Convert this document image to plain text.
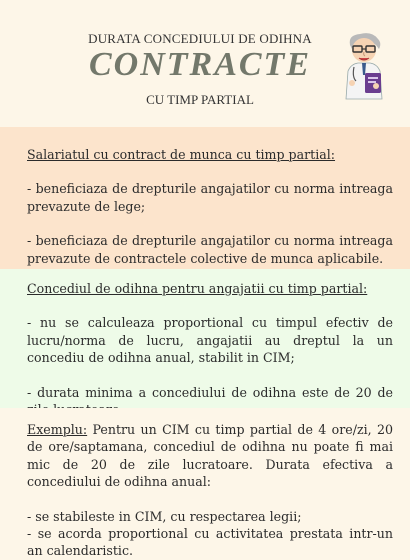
DURATA CONCEDIULUI DE ODIHNA
CONTRACTE
CU TIMP PARTIAL

Salariatul cu contract de munca cu timp partial:

- beneficiaza de drepturile angajatilor cu norma intreaga prevazute de lege;

- beneficiaza de drepturile angajatilor cu norma intreaga prevazute de contractele colective de munca aplicabile.

Concediul de odihna pentru angajatii cu timp partial:

- nu se calculeaza proportional cu timpul efectiv de lucru/norma de lucru, angajatii au dreptul la un concediu de odihna anual, stabilit in CIM;

- durata minima a concediului de odihna este de 20 de

Exemplu: Pentru un CIM cu timp partial de 4 ore/zi, 20 de ore/saptamana, concediul de odihna nu poate fi mai mic de 20 de zile lucratoare. Durata efectiva a concediului de odihna anual:

- se stabileste in CIM, cu respectarea legii;

- se acorda proportional cu activitatea prestata intr-un an calendaristic.
